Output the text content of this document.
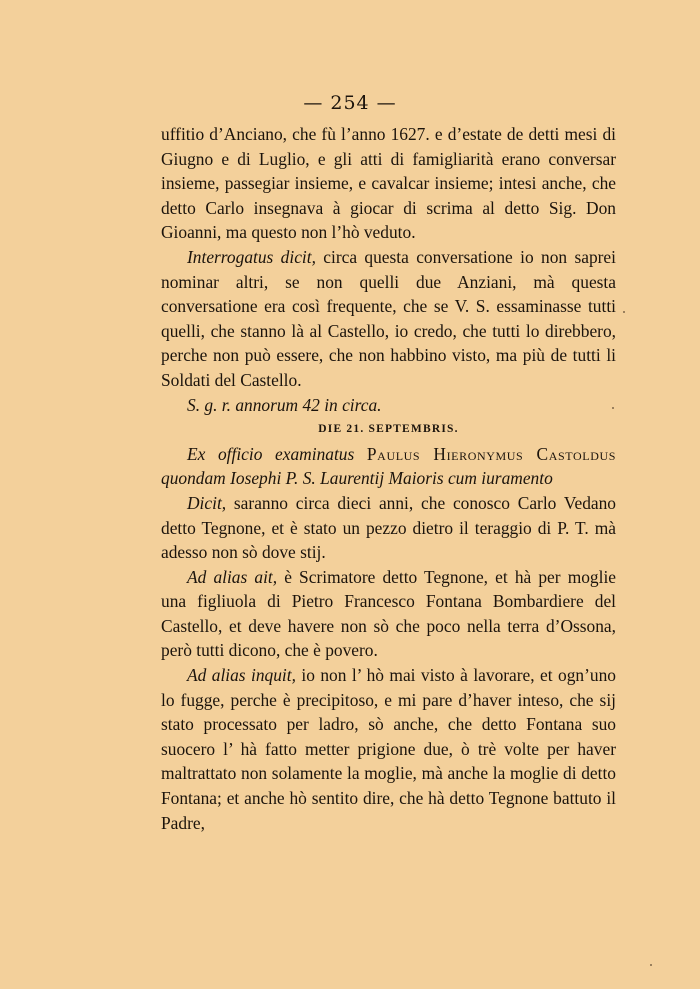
— 254 —

uffitio d’Anciano, che fù l’anno 1627. e d’estate de detti mesi di Giugno e di Luglio, e gli atti di famigliarità erano conversar insieme, passegiar insieme, e cavalcar insieme; intesi anche, che detto Carlo insegnava à giocar di scrima al detto Sig. Don Gioanni, ma questo non l’hò veduto.

Interrogatus dicit, circa questa conversatione io non saprei nominar altri, se non quelli due Anziani, mà questa conversatione era così frequente, che se V. S. essaminasse tutti quelli, che stanno là al Castello, io credo, che tutti lo direbbero, perche non può essere, che non habbino visto, ma più de tutti li Soldati del Castello.

S. g. r. annorum 42 in circa.

DIE 21. SEPTEMBRIS.

Ex officio examinatus Paulus Hieronymus Castoldus quondam Iosephi P. S. Laurentij Maioris cum iuramento

Dicit, saranno circa dieci anni, che conosco Carlo Vedano detto Tegnone, et è stato un pezzo dietro il teraggio di P. T. mà adesso non sò dove stij.

Ad alias ait, è Scrimatore detto Tegnone, et hà per moglie una figliuola di Pietro Francesco Fontana Bombardiere del Castello, et deve havere non sò che poco nella terra d’Ossona, però tutti dicono, che è povero.

Ad alias inquit, io non l’ hò mai visto à lavorare, et ogn’uno lo fugge, perche è precipitoso, e mi pare d’haver inteso, che sij stato processato per ladro, sò anche, che detto Fontana suo suocero l’ hà fatto metter prigione due, ò trè volte per haver maltrattato non solamente la moglie, mà anche la moglie di detto Fontana; et anche hò sentito dire, che hà detto Tegnone battuto il Padre,
